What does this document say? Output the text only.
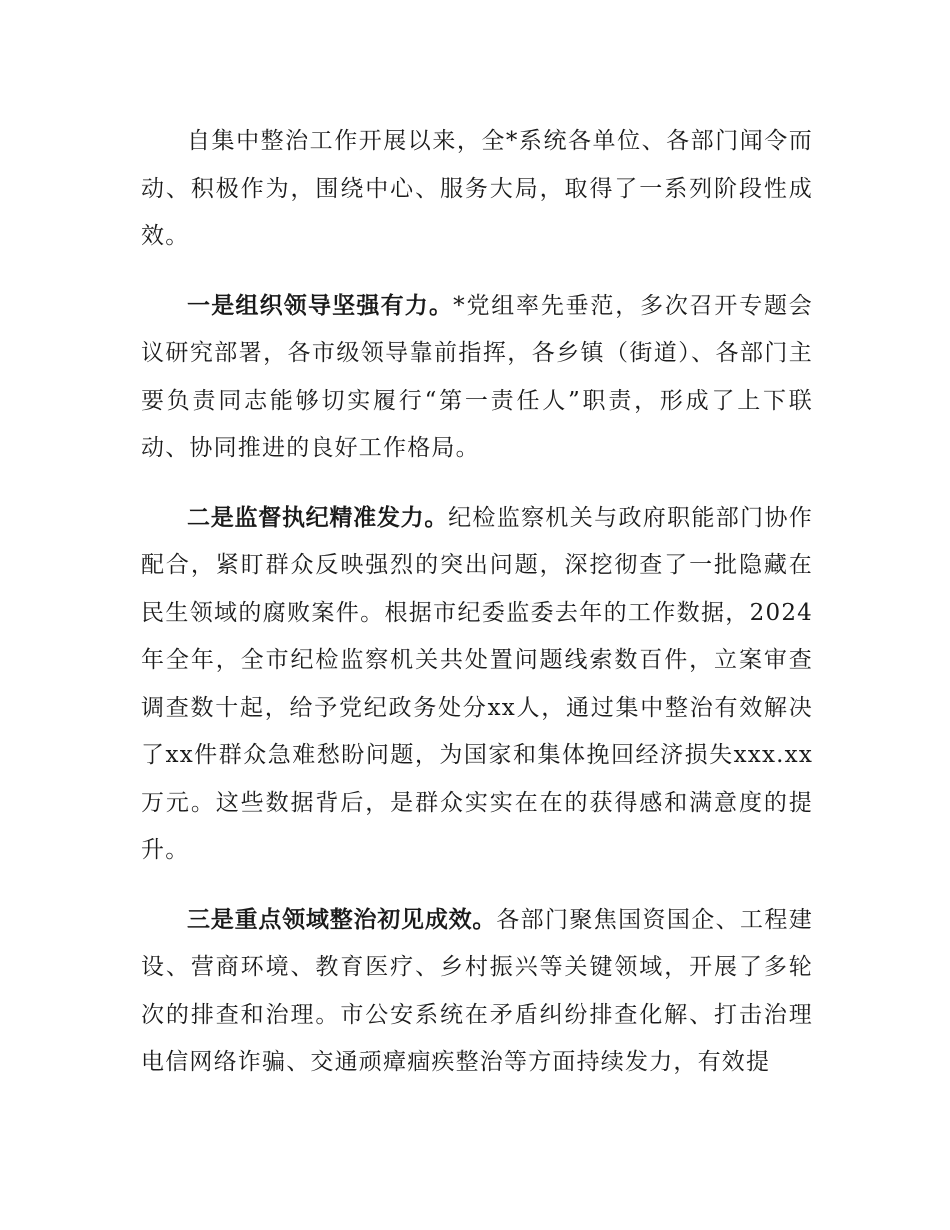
自集中整治工作开展以来，全*系统各单位、各部门闻令而动、积极作为，围绕中心、服务大局，取得了一系列阶段性成效。

一是组织领导坚强有力。*党组率先垂范，多次召开专题会议研究部署，各市级领导靠前指挥，各乡镇（街道）、各部门主要负责同志能够切实履行“第一责任人”职责，形成了上下联动、协同推进的良好工作格局。

二是监督执纪精准发力。纪检监察机关与政府职能部门协作配合，紧盯群众反映强烈的突出问题，深挖彻查了一批隐藏在民生领域的腐败案件。根据市纪委监委去年的工作数据，2024年全年，全市纪检监察机关共处置问题线索数百件，立案审查调查数十起，给予党纪政务处分xx人，通过集中整治有效解决了xx件群众急难愁盼问题，为国家和集体挽回经济损失xxx.xx万元。这些数据背后，是群众实实在在的获得感和满意度的提升。

三是重点领域整治初见成效。各部门聚焦国资国企、工程建设、营商环境、教育医疗、乡村振兴等关键领域，开展了多轮次的排查和治理。市公安系统在矛盾纠纷排查化解、打击治理电信网络诈骗、交通顽瘴痼疾整治等方面持续发力，有效提
